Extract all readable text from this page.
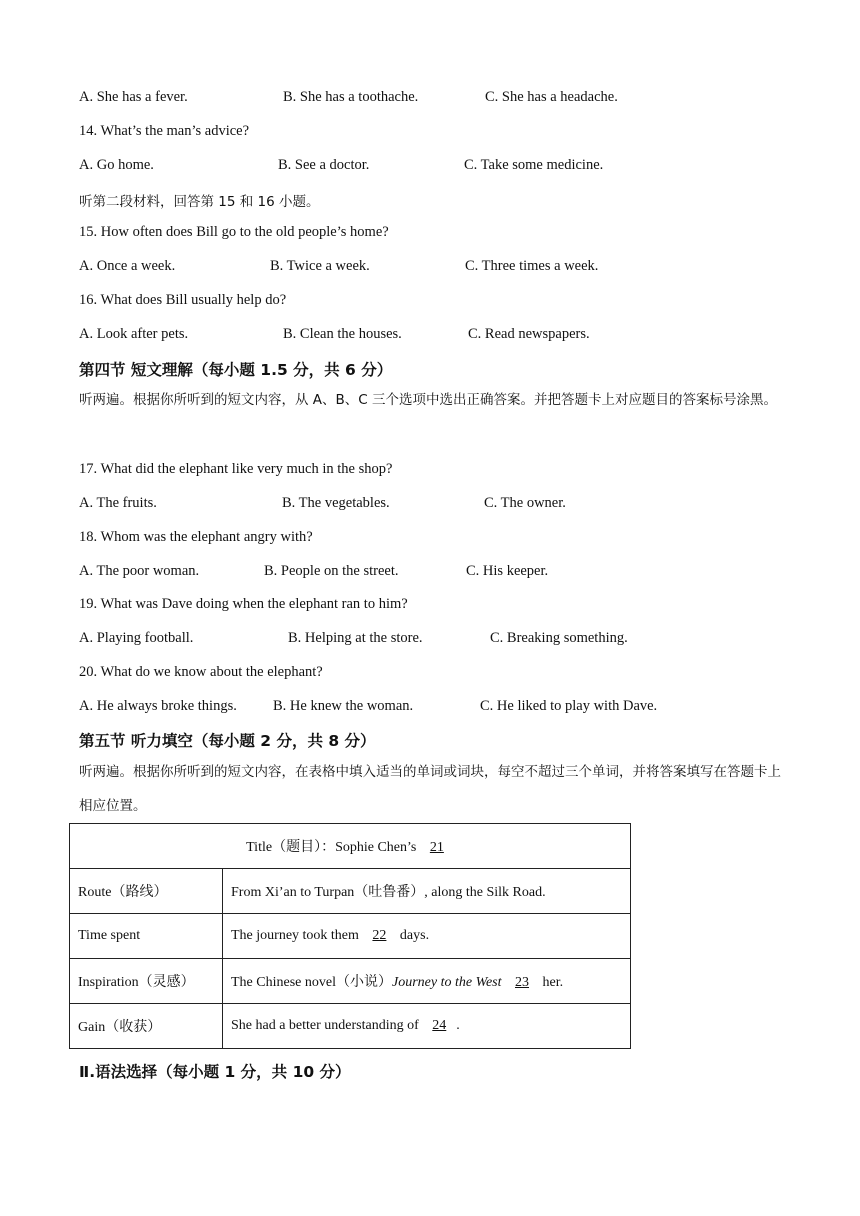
A. She has a fever.	B. She has a toothache.	C. She has a headache.
14. What’s the man’s advice?
A. Go home.	B. See a doctor.	C. Take some medicine.
听第二段材料，回答第 15 和 16 小题。
15. How often does Bill go to the old people’s home?
A. Once a week.	B. Twice a week.	C. Three times a week.
16. What does Bill usually help do?
A. Look after pets.	B. Clean the houses.	C. Read newspapers.
第四节 短文理解（每小题 1.5 分，共 6 分）
听两遍。根据你所听到的短文内容，从 A、B、C 三个选项中选出正确答案。并把答题卡上对应题目的答案标号涂黑。
17. What did the elephant like very much in the shop?
A. The fruits.	B. The vegetables.	C. The owner.
18. Whom was the elephant angry with?
A. The poor woman.	B. People on the street.	C. His keeper.
19. What was Dave doing when the elephant ran to him?
A. Playing football.	B. Helping at the store.	C. Breaking something.
20. What do we know about the elephant?
A. He always broke things. B. He knew the woman.	C. He liked to play with Dave.
第五节 听力填空（每小题 2 分，共 8 分）
听两遍。根据你所听到的短文内容，在表格中填入适当的单词或词块，每空不超过三个单词，并将答案填写在答题卡上相应位置。
Title（题目）：Sophie Chen’s 21	
Route（路线）	From Xi’an to Turpan（吐鲁番）, along the Silk Road.
Time spent	The journey took them 22 days.
Inspiration（灵感）	The Chinese novel（小说）Journey to the West 23 her.
Gain（收获）	She had a better understanding of 24 .
Ⅱ.语法选择（每小题 1 分，共 10 分）
